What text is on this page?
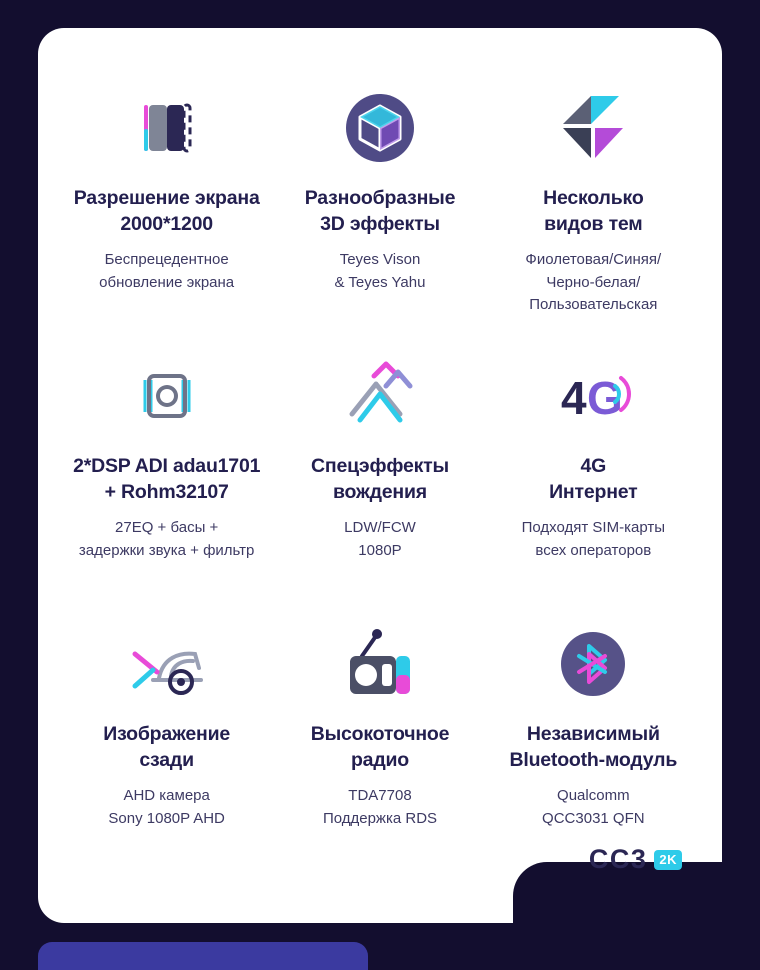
Разрешение экрана
2000*1200
Беспрецедентное
обновление экрана
Разнообразные
3D эффекты
Teyes Vison
& Teyes Yahu
Несколько
видов тем
Фиолетовая/Синяя/
Черно-белая/
Пользовательская
2*DSP ADI adau1701
+ Rohm32107
27EQ + басы +
задержки звука + фильтр
Спецэффекты
вождения
LDW/FCW
1080P
4 G
4G
Интернет
Подходят SIM-карты
всех операторов
Изображение
сзади
AHD камера
Sony 1080P AHD
Высокоточное
радио
TDA7708
Поддержка RDS
Независимый
Bluetooth-модуль
Qualcomm
QCC3031 QFN
CC3 2K
